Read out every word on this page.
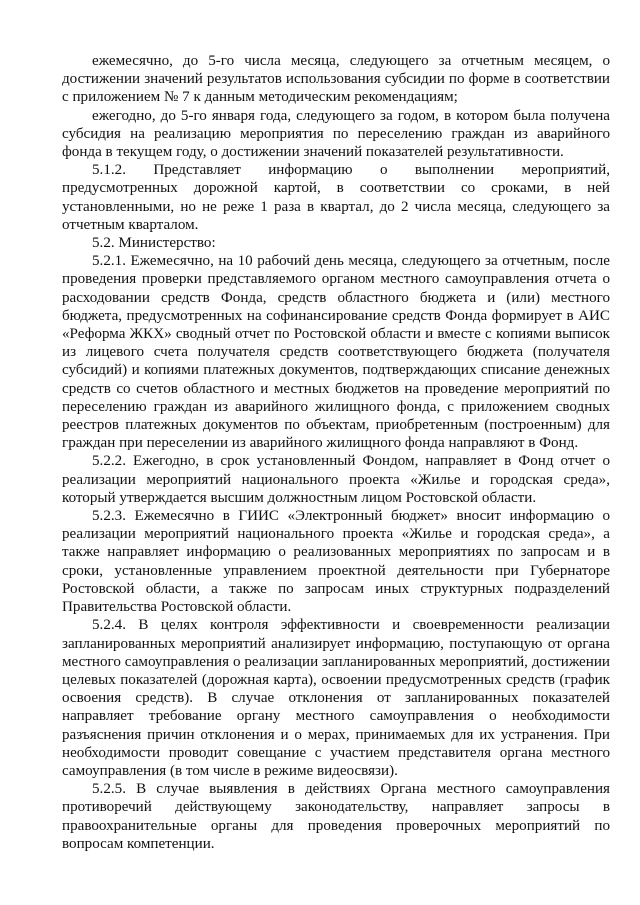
ежемесячно, до 5-го числа месяца, следующего за отчетным месяцем, о достижении значений результатов использования субсидии по форме в соответствии с приложением № 7 к данным методическим рекомендациям;

ежегодно, до 5-го января года, следующего за годом, в котором была получена субсидия на реализацию мероприятия по переселению граждан из аварийного фонда в текущем году, о достижении значений показателей результативности.

5.1.2. Представляет информацию о выполнении мероприятий, предусмотренных дорожной картой, в соответствии со сроками, в ней установленными, но не реже 1 раза в квартал, до 2 числа месяца, следующего за отчетным кварталом.

5.2. Министерство:

5.2.1. Ежемесячно, на 10 рабочий день месяца, следующего за отчетным, после проведения проверки представляемого органом местного самоуправления отчета о расходовании средств Фонда, средств областного бюджета и (или) местного бюджета, предусмотренных на софинансирование средств Фонда формирует в АИС «Реформа ЖКХ» сводный отчет по Ростовской области и вместе с копиями выписок из лицевого счета получателя средств соответствующего бюджета (получателя субсидий) и копиями платежных документов, подтверждающих списание денежных средств со счетов областного и местных бюджетов на проведение мероприятий по переселению граждан из аварийного жилищного фонда, с приложением сводных реестров платежных документов по объектам, приобретенным (построенным) для граждан при переселении из аварийного жилищного фонда направляют в Фонд.

5.2.2. Ежегодно, в срок установленный Фондом, направляет в Фонд отчет о реализации мероприятий национального проекта «Жилье и городская среда», который утверждается высшим должностным лицом Ростовской области.

5.2.3. Ежемесячно в ГИИС «Электронный бюджет» вносит информацию о реализации мероприятий национального проекта «Жилье и городская среда», а также направляет информацию о реализованных мероприятиях по запросам и в сроки, установленные управлением проектной деятельности при Губернаторе Ростовской области, а также по запросам иных структурных подразделений Правительства Ростовской области.

5.2.4. В целях контроля эффективности и своевременности реализации запланированных мероприятий анализирует информацию, поступающую от органа местного самоуправления о реализации запланированных мероприятий, достижении целевых показателей (дорожная карта), освоении предусмотренных средств (график освоения средств). В случае отклонения от запланированных показателей направляет требование органу местного самоуправления о необходимости разъяснения причин отклонения и о мерах, принимаемых для их устранения. При необходимости проводит совещание с участием представителя органа местного самоуправления (в том числе в режиме видеосвязи).

5.2.5. В случае выявления в действиях Органа местного самоуправления противоречий действующему законодательству, направляет запросы в правоохранительные органы для проведения проверочных мероприятий по вопросам компетенции.
